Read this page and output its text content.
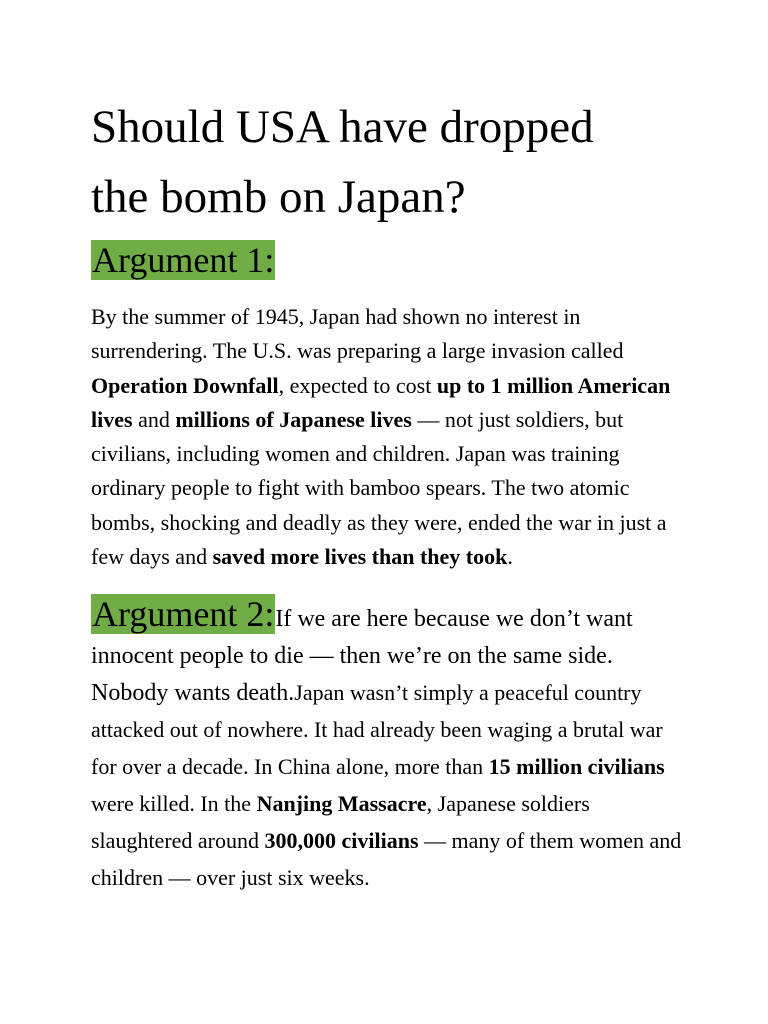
Should USA have dropped
the bomb on Japan?
Argument 1:

By the summer of 1945, Japan had shown no interest in surrendering. The U.S. was preparing a large invasion called Operation Downfall, expected to cost up to 1 million American lives and millions of Japanese lives — not just soldiers, but civilians, including women and children. Japan was training ordinary people to fight with bamboo spears. The two atomic bombs, shocking and deadly as they were, ended the war in just a few days and saved more lives than they took.

Argument 2:If we are here because we don’t want innocent people to die — then we’re on the same side. Nobody wants death.Japan wasn’t simply a peaceful country attacked out of nowhere. It had already been waging a brutal war for over a decade. In China alone, more than 15 million civilians were killed. In the Nanjing Massacre, Japanese soldiers slaughtered around 300,000 civilians — many of them women and children — over just six weeks.
